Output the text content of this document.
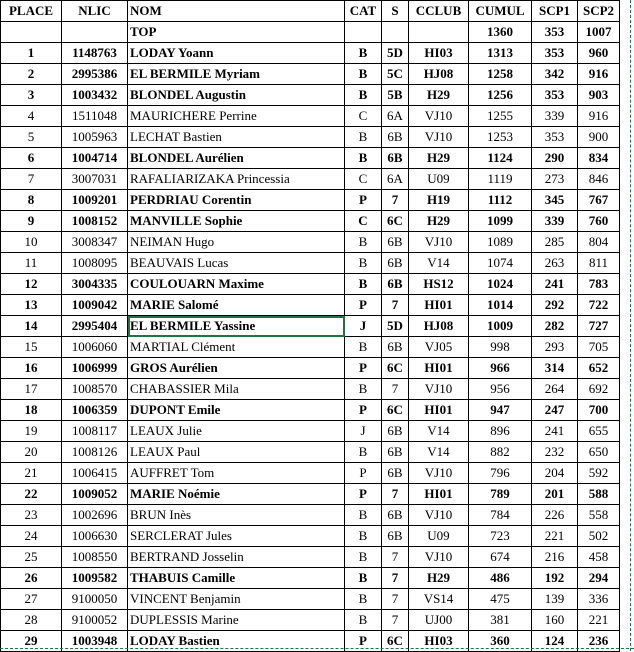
PLACE	NLIC	NOM	CAT	S	CCLUB	CUMUL	SCP1	SCP2
		TOP				1360	353	1007
1	1148763	LODAY Yoann	B	5D	HI03	1313	353	960
2	2995386	EL BERMILE Myriam	B	5C	HJ08	1258	342	916
3	1003432	BLONDEL Augustin	B	5B	H29	1256	353	903
4	1511048	MAURICHERE Perrine	C	6A	VJ10	1255	339	916
5	1005963	LECHAT Bastien	B	6B	VJ10	1253	353	900
6	1004714	BLONDEL Aurélien	B	6B	H29	1124	290	834
7	3007031	RAFALIARIZAKA Princessia	C	6A	U09	1119	273	846
8	1009201	PERDRIAU Corentin	P	7	H19	1112	345	767
9	1008152	MANVILLE Sophie	C	6C	H29	1099	339	760
10	3008347	NEIMAN Hugo	B	6B	VJ10	1089	285	804
11	1008095	BEAUVAIS Lucas	B	6B	V14	1074	263	811
12	3004335	COULOUARN Maxime	B	6B	HS12	1024	241	783
13	1009042	MARIE Salomé	P	7	HI01	1014	292	722
14	2995404	EL BERMILE Yassine	J	5D	HJ08	1009	282	727
15	1006060	MARTIAL Clément	B	6B	VJ05	998	293	705
16	1006999	GROS Aurélien	P	6C	HI01	966	314	652
17	1008570	CHABASSIER Mila	B	7	VJ10	956	264	692
18	1006359	DUPONT Emile	P	6C	HI01	947	247	700
19	1008117	LEAUX Julie	J	6B	V14	896	241	655
20	1008126	LEAUX Paul	B	6B	V14	882	232	650
21	1006415	AUFFRET Tom	P	6B	VJ10	796	204	592
22	1009052	MARIE Noémie	P	7	HI01	789	201	588
23	1002696	BRUN Inès	B	6B	VJ10	784	226	558
24	1006630	SERCLERAT Jules	B	6B	U09	723	221	502
25	1008550	BERTRAND Josselin	B	7	VJ10	674	216	458
26	1009582	THABUIS Camille	B	7	H29	486	192	294
27	9100050	VINCENT Benjamin	B	7	VS14	475	139	336
28	9100052	DUPLESSIS Marine	B	7	UJ00	381	160	221
29	1003948	LODAY Bastien	P	6C	HI03	360	124	236
